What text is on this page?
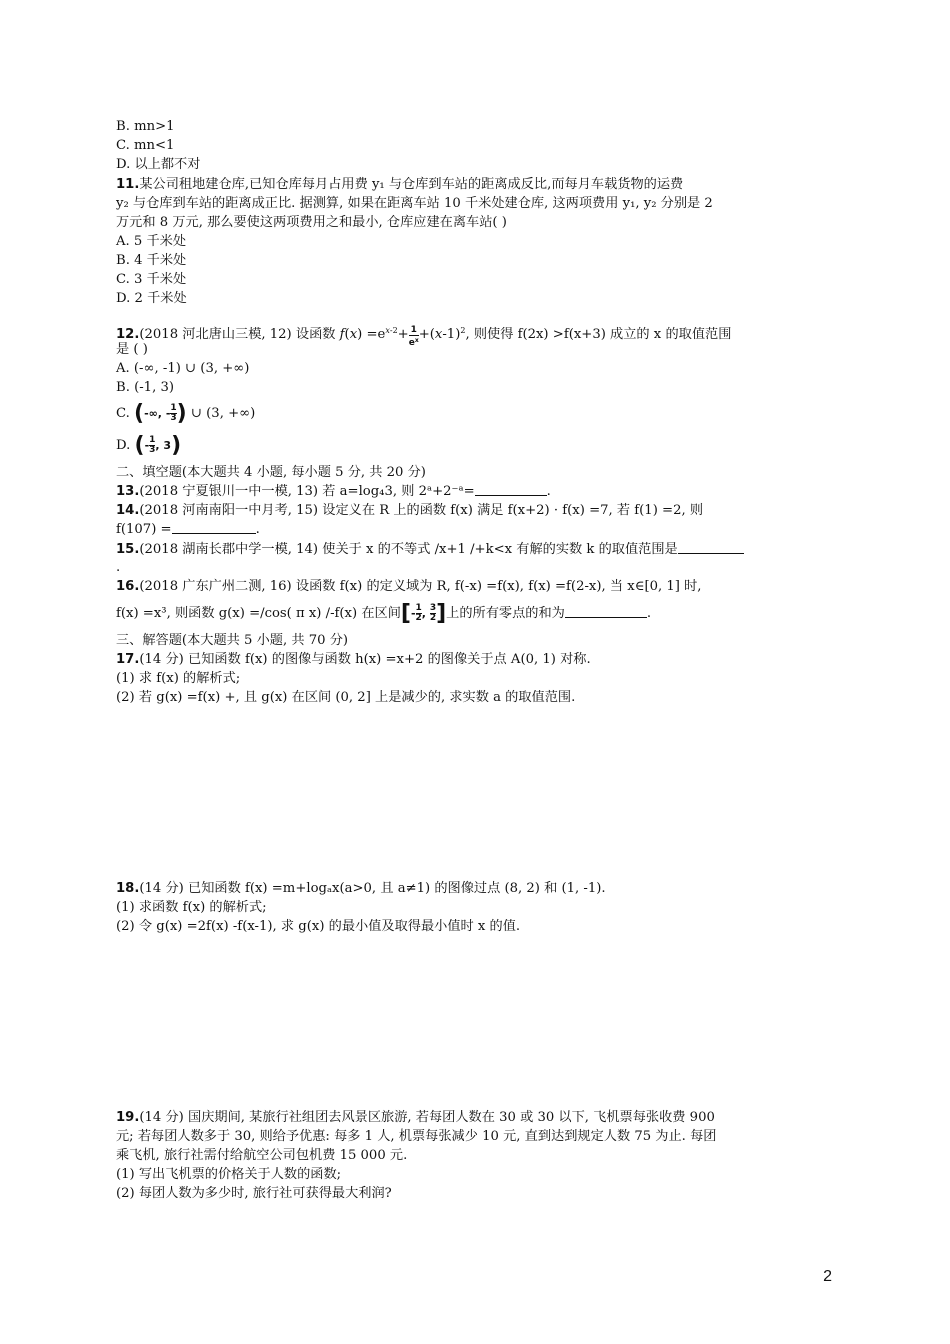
B. mn>1
C. mn<1
D. 以上都不对
11.某公司租地建仓库,已知仓库每月占用费 y₁ 与仓库到车站的距离成反比,而每月车载货物的运费
y₂ 与仓库到车站的距离成正比. 据测算, 如果在距离车站 10 千米处建仓库, 这两项费用 y₁, y₂ 分别是 2
万元和 8 万元, 那么要使这两项费用之和最小, 仓库应建在离车站( )
A. 5 千米处
B. 4 千米处
C. 3 千米处
D. 2 千米处
12.(2018 河北唐山三模, 12) 设函数 $f(x) =e^{x-2}+ \frac{1}{e^x} +(x-1)^2$, 则使得 f(2x) >f(x+3) 成立的 x 的取值范围
是 ( )
A. (-∞, -1) ∪ (3, +∞)
B. (-1, 3)
C. (-∞, - $\frac{1}{3}$ ) ∪ (3, +∞)
D. (- $\frac{1}{3}$ , 3)
二、填空题(本大题共 4 小题, 每小题 5 分, 共 20 分)
13.(2018 宁夏银川一中一模, 13) 若 a=log₄3, 则 2ᵃ+2⁻ᵃ=	.
14.(2018 河南南阳一中月考, 15) 设定义在 R 上的函数 f(x) 满足 f(x+2) · f(x) =7, 若 f(1) =2, 则
f(107) =	.
15.(2018 湖南长郡中学一模, 14) 使关于 x 的不等式 /x+1 /+k<x 有解的实数 k 的取值范围是
.
16.(2018 广东广州二测, 16) 设函数 f(x) 的定义域为 R, f(-x) =f(x), f(x) =f(2-x), 当 x∈[0, 1] 时,
f(x) =x³, 则函数 g(x) =/cos( π x) /-f(x) 在区间[- $\frac{1}{2}$ , $\frac{3}{2}$ ]上的所有零点的和为	.
三、解答题(本大题共 5 小题, 共 70 分)
17.(14 分) 已知函数 f(x) 的图像与函数 h(x) =x+2 的图像关于点 A(0, 1) 对称.
(1) 求 f(x) 的解析式;
(2) 若 g(x) =f(x) +, 且 g(x) 在区间 (0, 2] 上是减少的, 求实数 a 的取值范围.
18.(14 分) 已知函数 f(x) =m+logₐx(a>0, 且 a≠1) 的图像过点 (8, 2) 和 (1, -1).
(1) 求函数 f(x) 的解析式;
(2) 令 g(x) =2f(x) -f(x-1), 求 g(x) 的最小值及取得最小值时 x 的值.
19.(14 分) 国庆期间, 某旅行社组团去风景区旅游, 若每团人数在 30 或 30 以下, 飞机票每张收费 900
元; 若每团人数多于 30, 则给予优惠: 每多 1 人, 机票每张减少 10 元, 直到达到规定人数 75 为止. 每团
乘飞机, 旅行社需付给航空公司包机费 15 000 元.
(1) 写出飞机票的价格关于人数的函数;
(2) 每团人数为多少时, 旅行社可获得最大利润?
2
